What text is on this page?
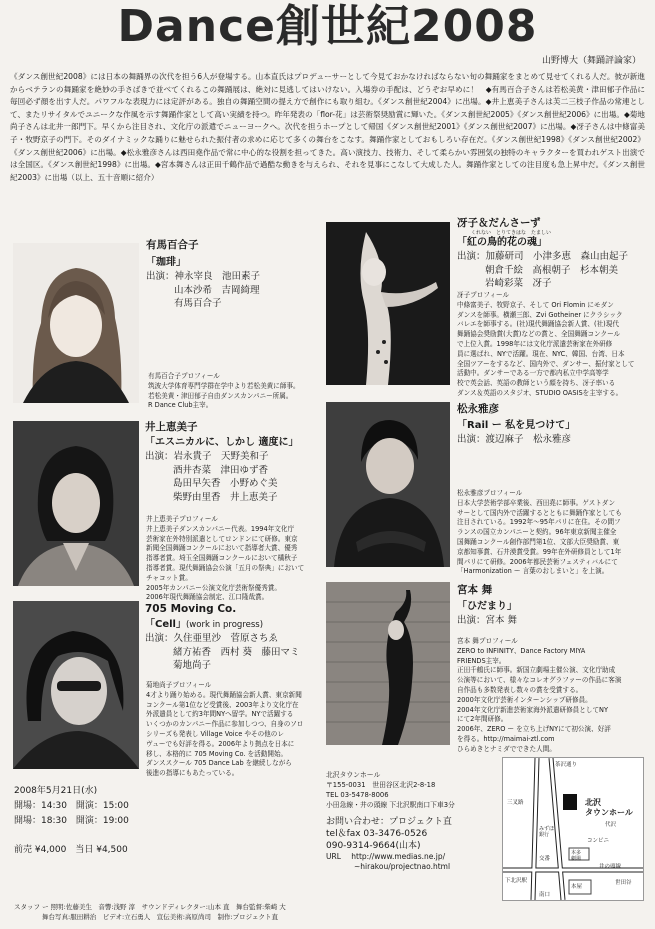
Dance創世紀2008
山野博大（舞踊評論家）
《ダンス創世紀2008》には日本の舞踊界の次代を担う6人が登場する。山本直氏はプロデューサーとして今見ておかなければならない旬の舞踊家をまとめて見せてくれる人だ。彼が新進からベテランの舞踊家を絶妙の手さばきで並べてくれるこの舞踊展は、絶対に見逃してはいけない。入場券の手配は、どうぞお早めに！　◆有馬百合子さんは若松美黄・津田郁子作品に毎回必ず顔を出す人だ。パワフルな表現力には定評がある。独自の舞踊空間の提え方で創作にも取り組む。《ダンス創世紀2004》に出場。◆井上恵美子さんは芙二三枝子作品の常連として、またリサイタルでユニークな作風を示す舞踊作家として高い実績を持つ。昨年発表の「flor-花」は芸術祭奨励賞に輝いた。《ダンス創世紀2005》《ダンス創世紀2006》に出場。◆菊地尚子さんは北井一郎門下。早くから注目され、文化庁の派遣でニューヨークへ。次代を担うホープとして帰国《ダンス創世紀2001》《ダンス創世紀2007》に出場。◆冴子さんは中條富美子・牧野京子の門下。そのダイナミックな踊りに魅せられた振付者の求めに応じて多くの舞台をこなす。舞踊作家としておもしろい存在だ。《ダンス創世紀1998》《ダンス創世紀2002》《ダンス創世紀2006》に出場。◆松永雅彦さんは西田堯作品で常に中心的な役割を担ってきた。高い演技力、技術力、そして柔らかい雰囲気の独特のキャラクターを買われゲスト出演では全国区。《ダンス創世紀1998》に出場。◆宮本舞さんは正田千鶴作品で過酷な動きを与えられ、それを見事にこなして大成した人。舞踊作家としての注目度も急上昇中だ。《ダンス創世紀2003》に出場（以上、五十音順に紹介）
有馬百合子
「珈琲」
出演：神永宰良　池田素子
山本沙希　吉岡綺理
有馬百合子
有馬百合子プロフィール
筑波大学体育専門学群在学中より若松美黄に師事。
若松美黄・津田郁子自由ダンスカンパニー所属。
R Dance Club主宰。
井上恵美子
「エスニカルに、しかし 適度に」
出演：岩永貴子　天野美和子
酒井杏菜　津田ゆず香
島田早矢香　小野めぐ美
柴野由里香　井上恵美子
井上恵美子プロフィール
井上恵美子ダンスカンパニー代表。1994年文化庁
芸術家在外特別派遣としてロンドンにて研修。東京
新聞全国舞踊コンクールにおいて指導者大賞、優秀
指導者賞。埼玉全国舞踊コンクールにおいて橘秋子
指導者賞。現代舞踊協会公演「五月の祭典」において
チャコット賞。
2005年カンパニー公演文化庁芸術祭優秀賞。
2006年現代舞踊協会制定、江口隆哉賞。
705 Moving Co.
「Cell」(work in progress)
出演：久住亜里沙　菅原さちゑ
緒方祐香　西村 葵　藤田マミ
菊地尚子
菊地尚子プロフィール
4才より踊り始める。現代舞踊協会新人賞、東京新聞
コンクール第1位など受賞後、2003年より文化庁在
外派遣員として約3年間NYへ留学。NYで活躍する
いくつかのカンパニー作品に参加しつつ、自身のソロ
シリーズも発表し Village Voice やその他のレ
ヴューでも好評を得る。2006年より拠点を日本に
移し、本格的に 705 Moving Co. を活動開始。
ダンススクール 705 Dance Lab を継続しながら
後進の指導にもあたっている。
冴子＆だんさーず
くれない　とりてきはな　たましい
「紅の鳥的花の魂」
出演：加藤研司　小津多恵　森山由起子
朝倉千絵　高根朝子　杉本朝美
岩崎彩菜　冴子
冴子プロフィール
中條富美子、牧野京子、そして Ori Flomin にモダン
ダンスを師事。横瀬三郎、Zvi Gotheiner にクラシック
バレエを師事する。(社)現代舞踊協会新人賞、(社)現代
舞踊協会奨励賞(大賞)などの賞と、全国舞踊コンクール
で上位入賞。1998年には文化庁派遣芸術家在外研修
員に選ばれ、NYで活躍。現在、NYC、韓国、台湾、日本
全国ツアーをするなど、国内外で、ダンサー、振付家として
活動中。ダンサーである一方で都内私立中学高等学
校で英会話、英語の教師という顔を持ち、冴子率いる
ダンス＆英語のスタジオ、STUDIO OASISを主宰する。
松永雅彦
「Rail ー 私を見つけて」
出演：渡辺麻子　松永雅彦
松永雅彦プロフィール
日本大学芸術学部卒業後、西田堯に師事。ゲストダン
サーとして国内外で活躍するとともに舞踊作家としても
注目されている。1992年〜95年パリに在住。その間フ
ランスの国立カンパニーと契約。96年東京新聞主催全
国舞踊コンクール創作部門第1位、文部大臣奨励賞、東
京都知事賞、石井漠賞受賞。99年在外研修員として1年
間パリにて研修。2006年都民芸術フェスティバルにて
「Harmonization ー 言葉のおしまいと」を上演。
宮本 舞
「ひだまり」
出演：宮本 舞
宮本 舞プロフィール
ZERO to INFINITY、Dance Factory MIYA
FRIENDS主宰。
正田千鶴氏に師事。新国立劇場主催公演、文化庁助成
公演等において、様々なコレオグラファーの作品に客演
自作品も多数発表し数々の賞を受賞する。
2000年文化庁芸術インターンシップ研修員。
2004年文化庁新進芸術家海外派遣研修員としてNY
にて2年間研修。
2006年、ZERO ー を立ち上げNYにて初公演、好評
を得る。http://maimai-ztl.com
ひらめきとナミダでできた人間。
2008年5月21日(水)
開場：14:30　開演：15:00
開場：18:30　開演：19:00
前売 ¥4,000　当日 ¥4,500
北沢タウンホール
〒155-0031　世田谷区北沢2-8-18
TEL 03-5478-8006
小田急線・井の頭線 下北沢駅南口下車3分
お問い合わせ：プロジェクト直
tel＆fax 03-3476-0526
090-9314-9664(山本)
URL http://www.medias.ne.jp/
~hirakou/projectnao.html
北沢
タウンホール
茶沢通り
下北沢駅
南口
本多
劇場
井の頭線
世田谷
コンビニ
みずほ
銀行
本屋
交番
代沢
三叉路
スタッフ ー 照明:佐藤美生　音響:浅野 淳　サウンドディレクター:山本 直　舞台監督:柴崎 大
舞台写真:服田耕治　ビデオ:立石勇人　宣伝美術:高原尚司　制作:プロジェクト直
